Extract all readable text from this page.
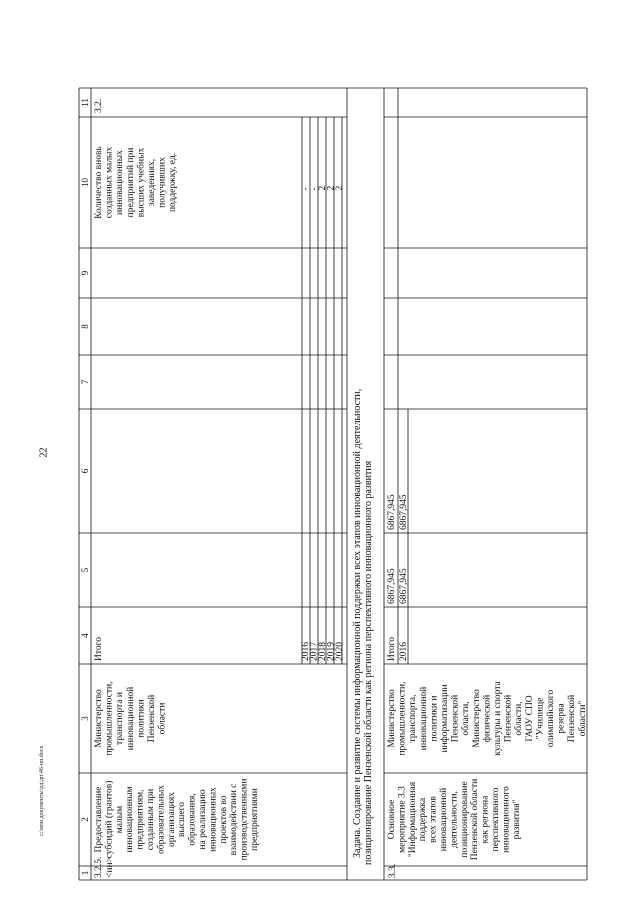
22
c:\мои документы\рд\дп\46-пп.docx
1
2
3
4
5
6
7
8
9
10
11
3.2.5. <ин>
Предоставление субсидий (грантов) малым инновационным предприятиям, созданным при образовательных организациях высшего образования, на реализацию инновационных проектов во взаимодействии с производственными предприятиями
Министерство промышленности, транспорта и инновационной политики Пензенской области
Итого	2016
2017
2018
2019
2020
Количество вновь созданных малых инновационных предприятий при высших учебных заведениях, получивших поддержку, ед.	-
-
2
2
2
3.2.
Задача. Создание и развитие системы информационной поддержки всех этапов инновационной деятельности, позиционирование Пензенской области как региона перспективного инновационного развития
3.3.
Основное мероприятие 3.3 "Информационная поддержка всех этапов инновационной деятельности, позиционирование Пензенской области как региона перспективного инновационного развития"
Министерство промышленности, транспорта, инновационной политики и информатизации Пензенской области, Министерство физической культуры и спорта Пензенской области, ГАОУ СПО "Училище олимпийского резерва Пензенской области"
Итого 2016
6867,945 6867,945
6867,945 6867,945
